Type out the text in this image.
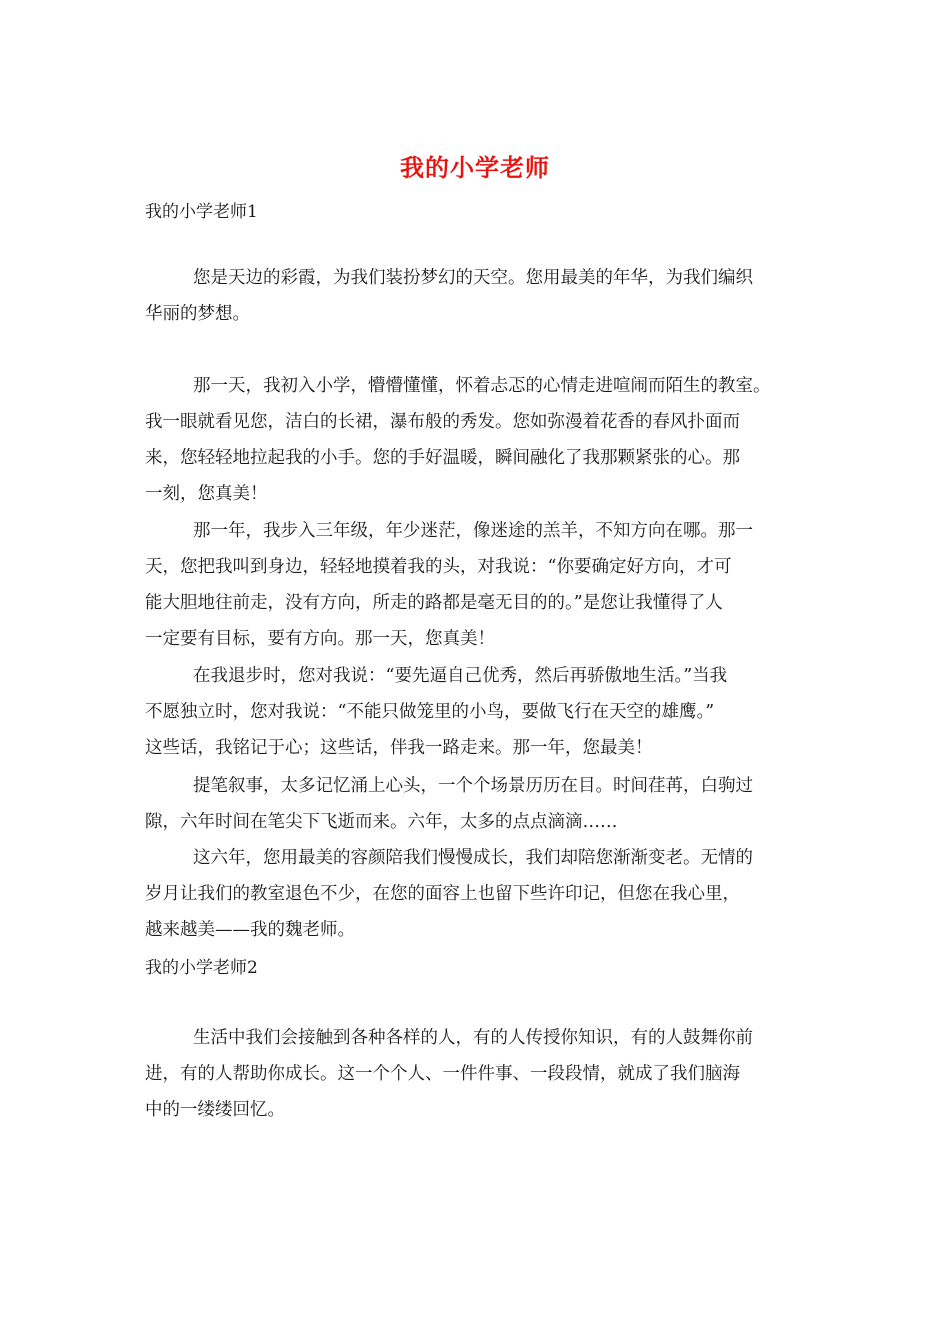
我的小学老师
我的小学老师1
您是天边的彩霞，为我们装扮梦幻的天空。您用最美的年华，为我们编织
华丽的梦想。
那一天，我初入小学，懵懵懂懂，怀着忐忑的心情走进喧闹而陌生的教室。
我一眼就看见您，洁白的长裙，瀑布般的秀发。您如弥漫着花香的春风扑面而
来，您轻轻地拉起我的小手。您的手好温暖，瞬间融化了我那颗紧张的心。那
一刻，您真美！
那一年，我步入三年级，年少迷茫，像迷途的羔羊，不知方向在哪。那一
天，您把我叫到身边，轻轻地摸着我的头，对我说：“你要确定好方向，才可
能大胆地往前走，没有方向，所走的路都是毫无目的的。”是您让我懂得了人
一定要有目标，要有方向。那一天，您真美！
在我退步时，您对我说：“要先逼自己优秀，然后再骄傲地生活。”当我
不愿独立时，您对我说：“不能只做笼里的小鸟，要做飞行在天空的雄鹰。”
这些话，我铭记于心；这些话，伴我一路走来。那一年，您最美！
提笔叙事，太多记忆涌上心头，一个个场景历历在目。时间荏苒，白驹过
隙，六年时间在笔尖下飞逝而来。六年，太多的点点滴滴……
这六年，您用最美的容颜陪我们慢慢成长，我们却陪您渐渐变老。无情的
岁月让我们的教室退色不少，在您的面容上也留下些许印记，但您在我心里，
越来越美——我的魏老师。
我的小学老师2
生活中我们会接触到各种各样的人，有的人传授你知识，有的人鼓舞你前
进，有的人帮助你成长。这一个个人、一件件事、一段段情，就成了我们脑海
中的一缕缕回忆。
